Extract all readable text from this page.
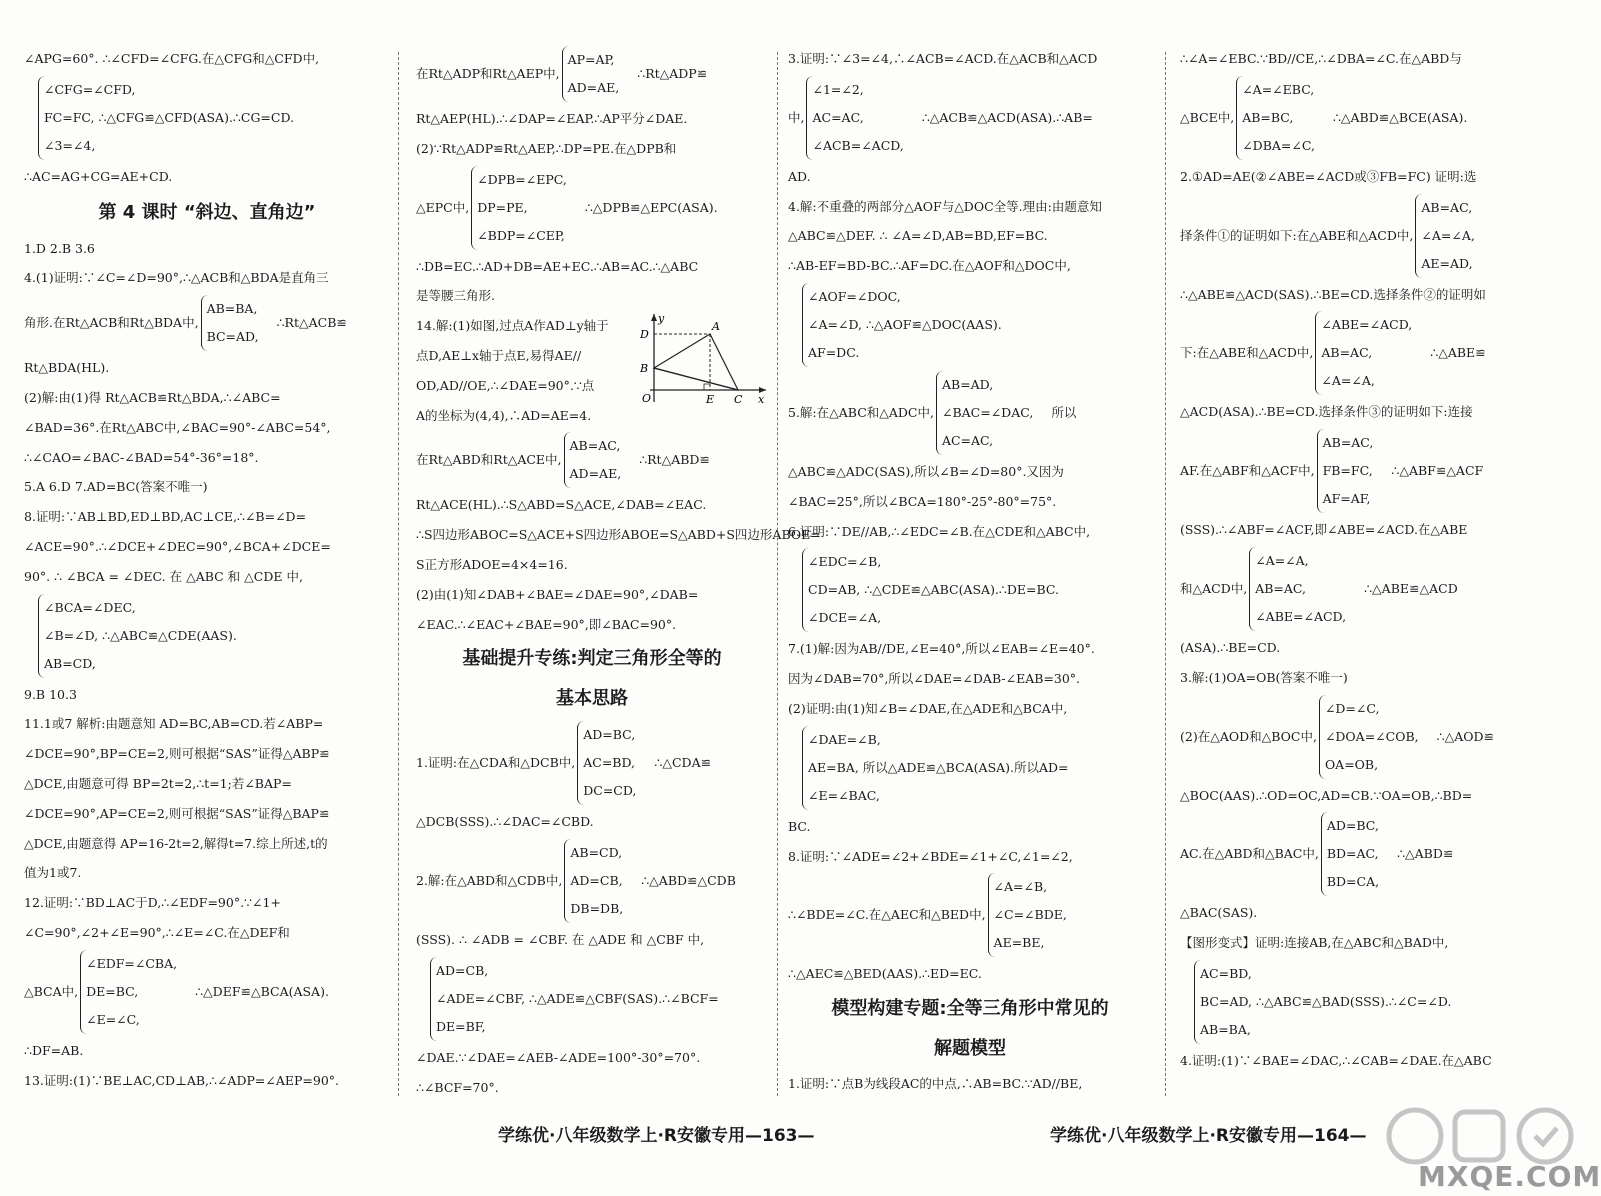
∠APG=60°. ∴∠CFD=∠CFG.在△CFG和△CFD中,
∠CFG=∠CFD,
FC=FC, ∴△CFG≌△CFD(ASA).∴CG=CD.
∠3=∠4,
∴AC=AG+CG=AE+CD.
第 4 课时 “斜边、直角边”
1.D 2.B 3.6
4.(1)证明:∵∠C=∠D=90°,∴△ACB和△BDA是直角三
角形.在Rt△ACB和Rt△BDA中,
AB=BA,
BC=AD,
∴Rt△ACB≌
Rt△BDA(HL).
(2)解:由(1)得 Rt△ACB≌Rt△BDA,∴∠ABC=
∠BAD=36°.在Rt△ABC中,∠BAC=90°-∠ABC=54°,
∴∠CAO=∠BAC-∠BAD=54°-36°=18°.
5.A 6.D 7.AD=BC(答案不唯一)
8.证明:∵AB⊥BD,ED⊥BD,AC⊥CE,∴∠B=∠D=
∠ACE=90°.∴∠DCE+∠DEC=90°,∠BCA+∠DCE=
90°. ∴ ∠BCA = ∠DEC. 在 △ABC 和 △CDE 中,
∠BCA=∠DEC,
∠B=∠D, ∴△ABC≌△CDE(AAS).
AB=CD,
9.B 10.3
11.1或7 解析:由题意知 AD=BC,AB=CD.若∠ABP=
∠DCE=90°,BP=CE=2,则可根据“SAS”证得△ABP≌
△DCE,由题意可得 BP=2t=2,∴t=1;若∠BAP=
∠DCE=90°,AP=CE=2,则可根据“SAS”证得△BAP≌
△DCE,由题意得 AP=16-2t=2,解得t=7.综上所述,t的
值为1或7.
12.证明:∵BD⊥AC于D,∴∠EDF=90°.∵∠1+
∠C=90°,∠2+∠E=90°,∴∠E=∠C.在△DEF和
△BCA中,
∠EDF=∠CBA,
DE=BC,
∠E=∠C,
∴△DEF≌△BCA(ASA).
∴DF=AB.
13.证明:(1)∵BE⊥AC,CD⊥AB,∴∠ADP=∠AEP=90°.
在Rt△ADP和Rt△AEP中,
AP=AP,
AD=AE,
∴Rt△ADP≌
Rt△AEP(HL).∴∠DAP=∠EAP.∴AP平分∠DAE.
(2)∵Rt△ADP≌Rt△AEP,∴DP=PE.在△DPB和
△EPC中,
∠DPB=∠EPC,
DP=PE,
∠BDP=∠CEP,
∴△DPB≌△EPC(ASA).
∴DB=EC.∴AD+DB=AE+EC.∴AB=AC.∴△ABC
是等腰三角形.
14.解:(1)如图,过点A作AD⊥y轴于
点D,AE⊥x轴于点E,易得AE//
OD,AD//OE,∴∠DAE=90°.∵点
A的坐标为(4,4),∴AD=AE=4.
在Rt△ABD和Rt△ACE中,
AB=AC,
AD=AE,
∴Rt△ABD≌
Rt△ACE(HL).∴S△ABD=S△ACE,∠DAB=∠EAC.
∴S四边形ABOC=S△ACE+S四边形ABOE=S△ABD+S四边形ABOE=
S正方形ADOE=4×4=16.
(2)由(1)知∠DAB+∠BAE=∠DAE=90°,∠DAB=
∠EAC.∴∠EAC+∠BAE=90°,即∠BAC=90°.
基础提升专练:判定三角形全等的
基本思路
1.证明:在△CDA和△DCB中,
AD=BC,
AC=BD,
DC=CD,
∴△CDA≌
△DCB(SSS).∴∠DAC=∠CBD.
2.解:在△ABD和△CDB中,
AB=CD,
AD=CB,
DB=DB,
∴△ABD≌△CDB
(SSS). ∴ ∠ADB = ∠CBF. 在 △ADE 和 △CBF 中,
AD=CB,
∠ADE=∠CBF, ∴△ADE≌△CBF(SAS).∴∠BCF=
DE=BF,
∠DAE.∵∠DAE=∠AEB-∠ADE=100°-30°=70°.
∴∠BCF=70°.
3.证明:∵∠3=∠4,∴∠ACB=∠ACD.在△ACB和△ACD
中,
∠1=∠2,
AC=AC,
∠ACB=∠ACD,
∴△ACB≌△ACD(ASA).∴AB=
AD.
4.解:不重叠的两部分△AOF与△DOC全等.理由:由题意知
△ABC≌△DEF. ∴ ∠A=∠D,AB=BD,EF=BC.
∴AB-EF=BD-BC.∴AF=DC.在△AOF和△DOC中,
∠AOF=∠DOC,
∠A=∠D, ∴△AOF≌△DOC(AAS).
AF=DC.
5.解:在△ABC和△ADC中,
AB=AD,
∠BAC=∠DAC,
AC=AC,
所以
△ABC≌△ADC(SAS),所以∠B=∠D=80°.又因为
∠BAC=25°,所以∠BCA=180°-25°-80°=75°.
6.证明:∵DE//AB,∴∠EDC=∠B.在△CDE和△ABC中,
∠EDC=∠B,
CD=AB, ∴△CDE≌△ABC(ASA).∴DE=BC.
∠DCE=∠A,
7.(1)解:因为AB//DE,∠E=40°,所以∠EAB=∠E=40°.
因为∠DAB=70°,所以∠DAE=∠DAB-∠EAB=30°.
(2)证明:由(1)知∠B=∠DAE,在△ADE和△BCA中,
∠DAE=∠B,
AE=BA, 所以△ADE≌△BCA(ASA).所以AD=
∠E=∠BAC,
BC.
8.证明:∵∠ADE=∠2+∠BDE=∠1+∠C,∠1=∠2,
∴∠BDE=∠C.在△AEC和△BED中,
∠A=∠B,
∠C=∠BDE,
AE=BE,
∴△AEC≌△BED(AAS).∴ED=EC.
模型构建专题:全等三角形中常见的
解题模型
1.证明:∵点B为线段AC的中点,∴AB=BC.∵AD//BE,
∴∠A=∠EBC.∵BD//CE,∴∠DBA=∠C.在△ABD与
△BCE中,
∠A=∠EBC,
AB=BC,
∠DBA=∠C,
∴△ABD≌△BCE(ASA).
2.①AD=AE(②∠ABE=∠ACD或③FB=FC) 证明:选
择条件①的证明如下:在△ABE和△ACD中,
AB=AC,
∠A=∠A,
AE=AD,
∴△ABE≌△ACD(SAS).∴BE=CD.选择条件②的证明如
下:在△ABE和△ACD中,
∠ABE=∠ACD,
AB=AC,
∠A=∠A,
∴△ABE≌
△ACD(ASA).∴BE=CD.选择条件③的证明如下:连接
AF.在△ABF和△ACF中,
AB=AC,
FB=FC,
AF=AF,
∴△ABF≌△ACF
(SSS).∴∠ABF=∠ACF,即∠ABE=∠ACD.在△ABE
和△ACD中,
∠A=∠A,
AB=AC,
∠ABE=∠ACD,
∴△ABE≌△ACD
(ASA).∴BE=CD.
3.解:(1)OA=OB(答案不唯一)
(2)在△AOD和△BOC中,
∠D=∠C,
∠DOA=∠COB,
OA=OB,
∴△AOD≌
△BOC(AAS).∴OD=OC,AD=CB.∵OA=OB,∴BD=
AC.在△ABD和△BAC中,
AD=BC,
BD=AC,
BD=CA,
∴△ABD≌
△BAC(SAS).
【图形变式】证明:连接AB,在△ABC和△BAD中,
AC=BD,
BC=AD, ∴△ABC≌△BAD(SSS).∴∠C=∠D.
AB=BA,
4.证明:(1)∵∠BAE=∠DAC,∴∠CAB=∠DAE.在△ABC
y
D
A
B
O	E C x
学练优·八年级数学上·R安徽专用—163—	学练优·八年级数学上·R安徽专用—164—
MXQE.COM
